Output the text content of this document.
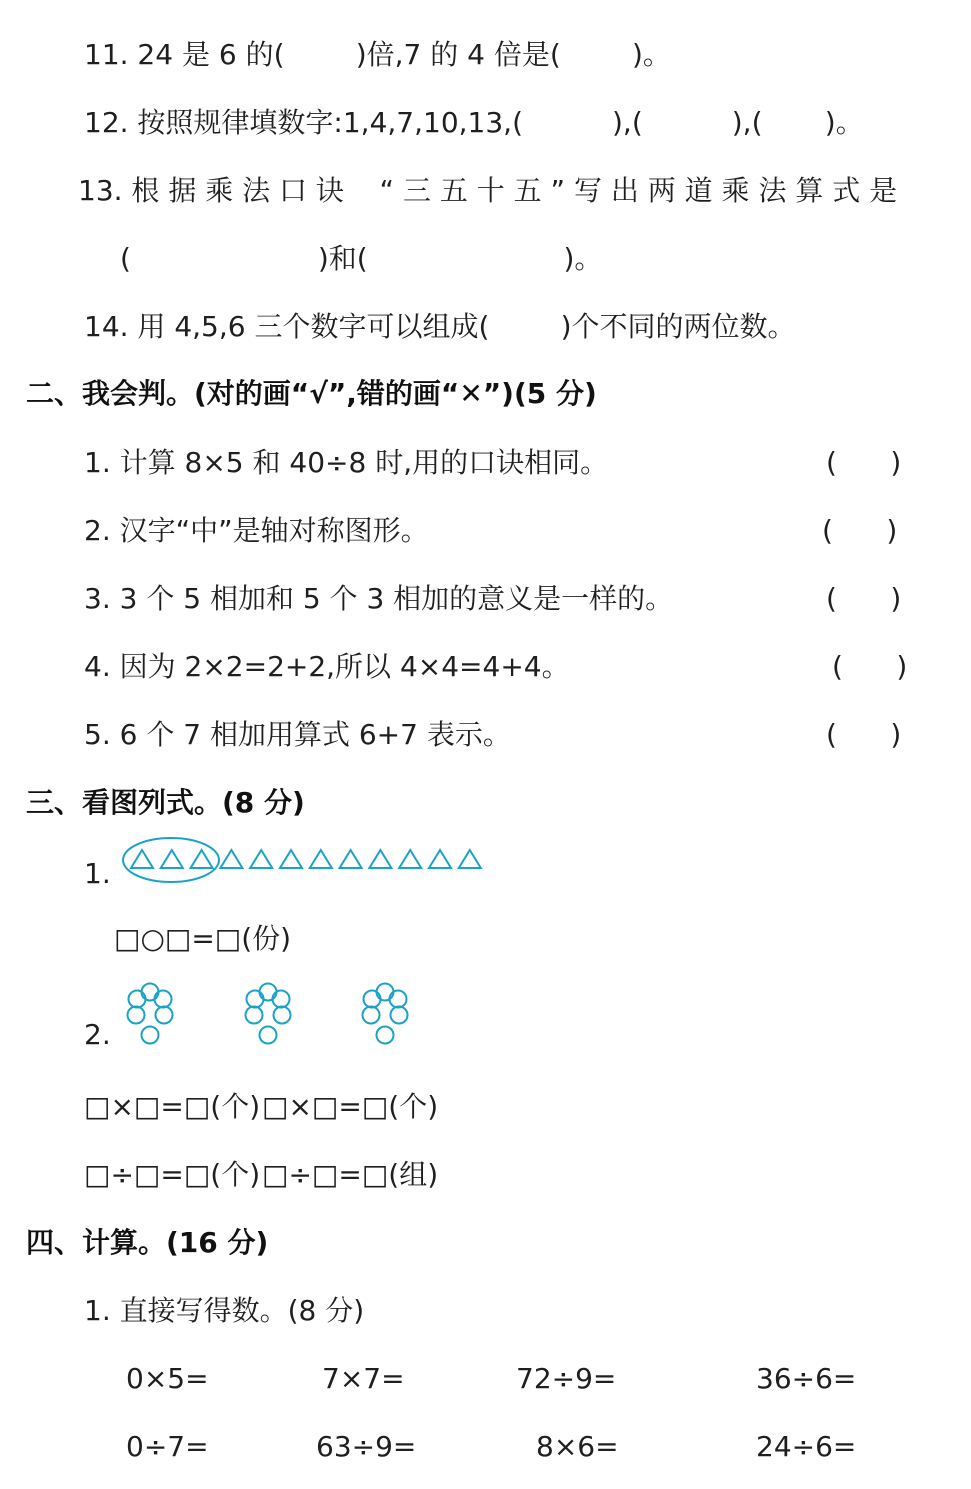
11. 24 是 6 的(        )倍,7 的 4 倍是(        )。
12. 按照规律填数字:1,4,7,10,13,(          ),(          ),(       )。
13. 根 据 乘 法 口 诀    “ 三 五 十 五 ” 写 出 两 道 乘 法 算 式 是
(                     )和(                      )。
14. 用 4,5,6 三个数字可以组成(        )个不同的两位数。
二、我会判。(对的画“√”,错的画“✕”)(5 分)
1. 计算 8×5 和 40÷8 时,用的口诀相同。	(      )
2. 汉字“中”是轴对称图形。	(      )
3. 3 个 5 相加和 5 个 3 相加的意义是一样的。	(      )
4. 因为 2×2=2+2,所以 4×4=4+4。	(      )
5. 6 个 7 相加用算式 6+7 表示。	(      )
三、看图列式。(8 分)
1.
□○□=□(份)
2.
□×□=□(个) □×□=□(个)
□÷□=□(个) □÷□=□(组)
四、计算。(16 分)
1. 直接写得数。(8 分)
0×5=	7×7=	72÷9=	36÷6=
0÷7=	63÷9=	8×6=	24÷6=
